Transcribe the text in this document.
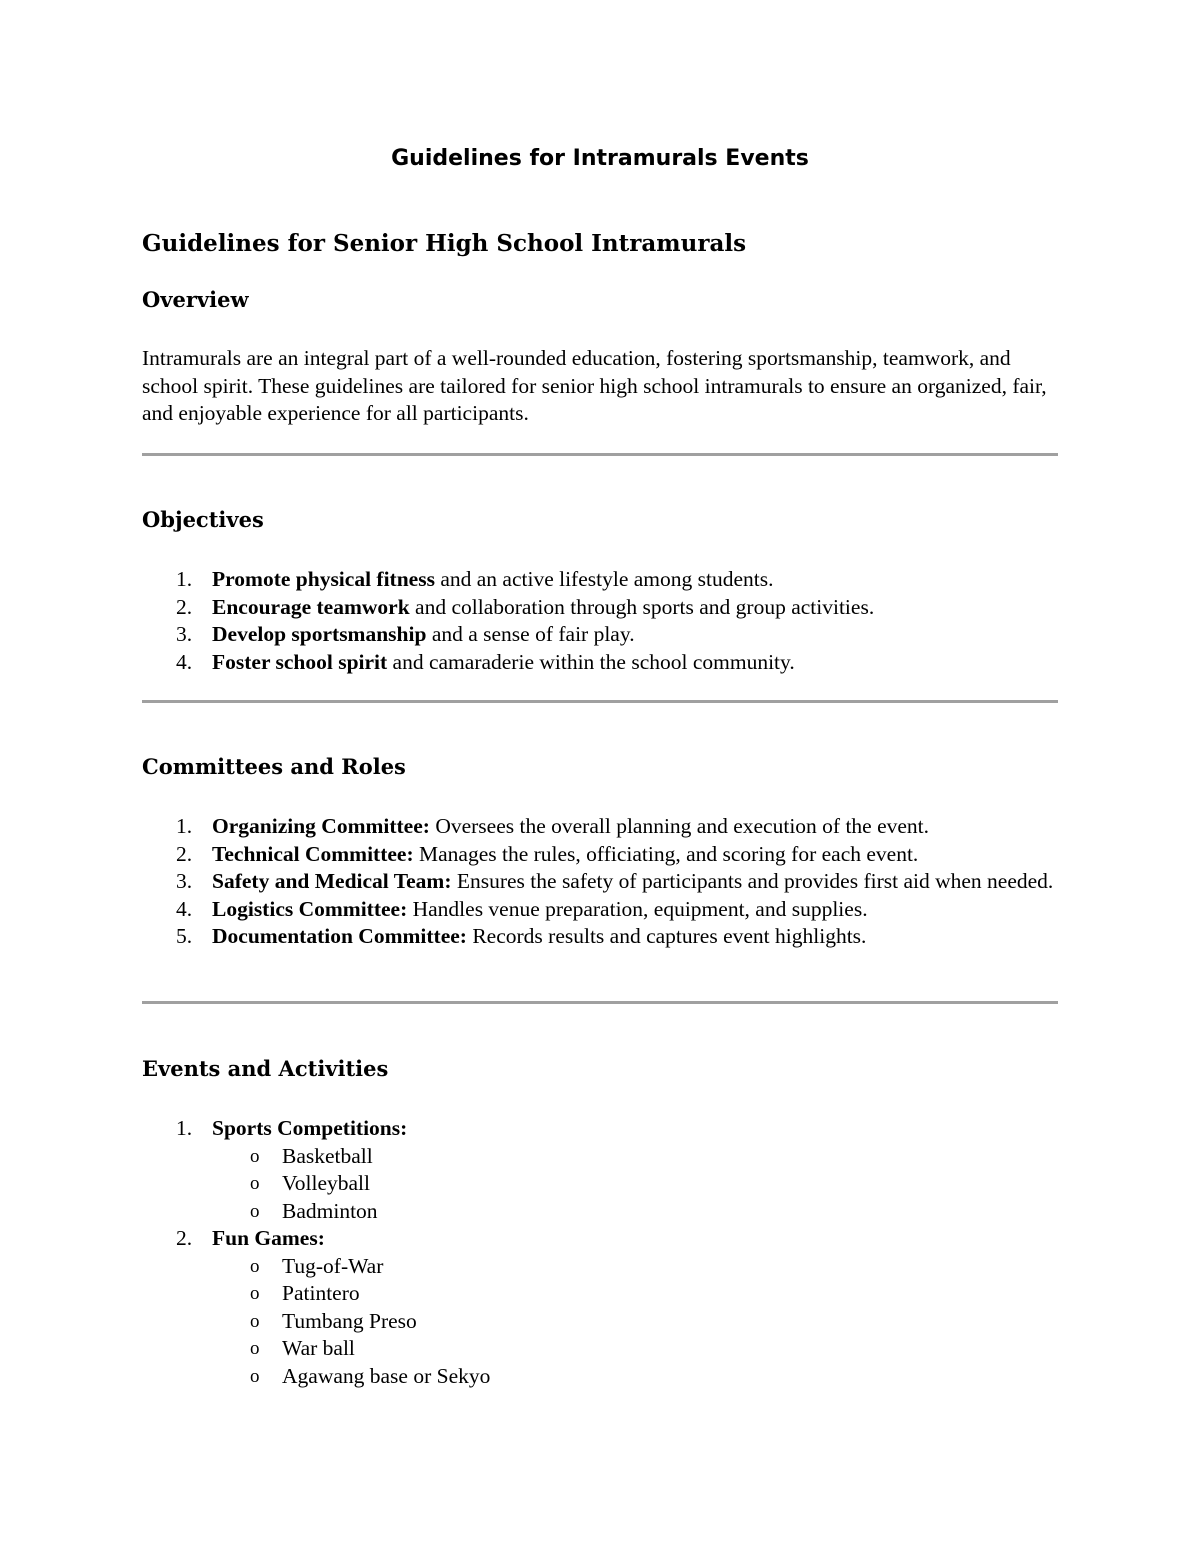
Guidelines for Intramurals Events
Guidelines for Senior High School Intramurals
Overview
Intramurals are an integral part of a well-rounded education, fostering sportsmanship, teamwork, and school spirit. These guidelines are tailored for senior high school intramurals to ensure an organized, fair, and enjoyable experience for all participants.
Objectives
1. Promote physical fitness and an active lifestyle among students.
2. Encourage teamwork and collaboration through sports and group activities.
3. Develop sportsmanship and a sense of fair play.
4. Foster school spirit and camaraderie within the school community.
Committees and Roles
1. Organizing Committee: Oversees the overall planning and execution of the event.
2. Technical Committee: Manages the rules, officiating, and scoring for each event.
3. Safety and Medical Team: Ensures the safety of participants and provides first aid when needed.
4. Logistics Committee: Handles venue preparation, equipment, and supplies.
5. Documentation Committee: Records results and captures event highlights.
Events and Activities
1. Sports Competitions:
o Basketball
o Volleyball
o Badminton
2. Fun Games:
o Tug-of-War
o Patintero
o Tumbang Preso
o War ball
o Agawang base or Sekyo
